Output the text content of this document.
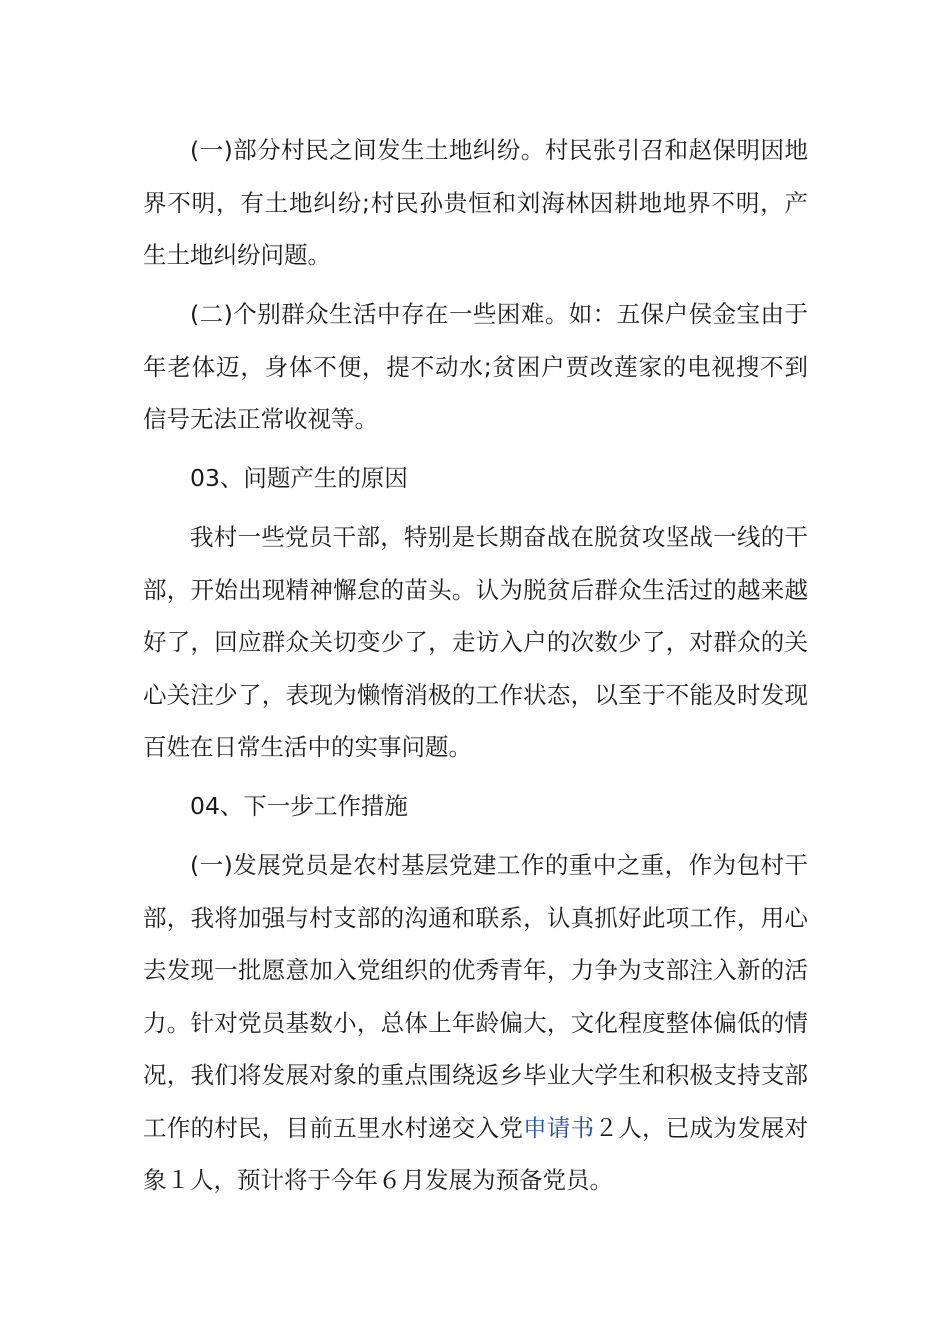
(一)部分村民之间发生土地纠纷。村民张引召和赵保明因地界不明，有土地纠纷;村民孙贵恒和刘海林因耕地地界不明，产生土地纠纷问题。

(二)个别群众生活中存在一些困难。如：五保户侯金宝由于年老体迈，身体不便，提不动水;贫困户贾改莲家的电视搜不到信号无法正常收视等。

03、问题产生的原因

我村一些党员干部，特别是长期奋战在脱贫攻坚战一线的干部，开始出现精神懈怠的苗头。认为脱贫后群众生活过的越来越好了，回应群众关切变少了，走访入户的次数少了，对群众的关心关注少了，表现为懒惰消极的工作状态，以至于不能及时发现百姓在日常生活中的实事问题。

04、下一步工作措施

(一)发展党员是农村基层党建工作的重中之重，作为包村干部，我将加强与村支部的沟通和联系，认真抓好此项工作，用心去发现一批愿意加入党组织的优秀青年，力争为支部注入新的活力。针对党员基数小，总体上年龄偏大，文化程度整体偏低的情况，我们将发展对象的重点围绕返乡毕业大学生和积极支持支部工作的村民，目前五里水村递交入党申请书２人，已成为发展对象１人，预计将于今年６月发展为预备党员。
